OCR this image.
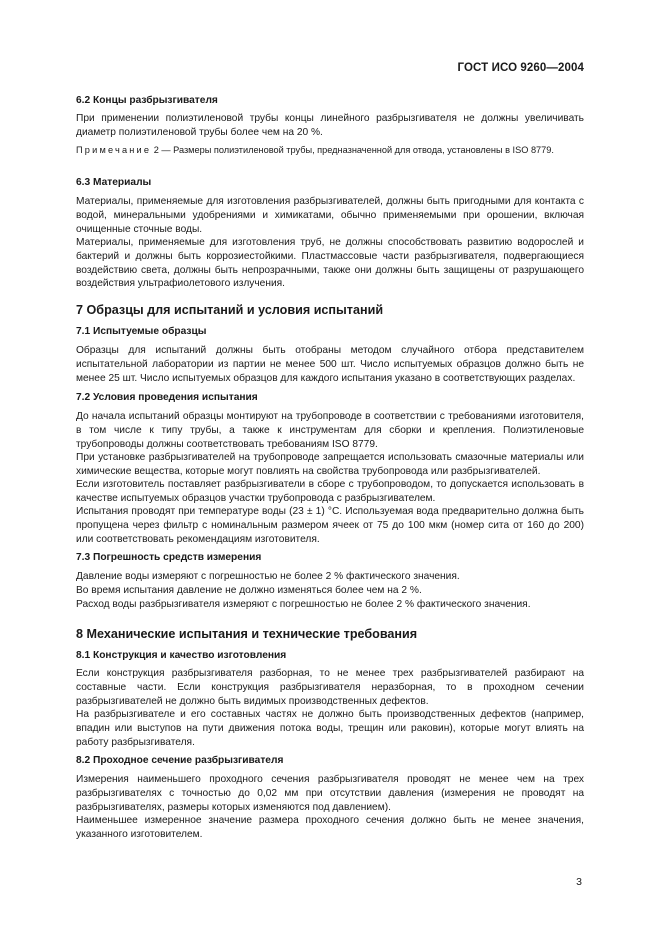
ГОСТ ИСО 9260—2004

6.2 Концы разбрызгивателя

При применении полиэтиленовой трубы концы линейного разбрызгивателя не должны увеличивать диаметр полиэтиленовой трубы более чем на 20 %.

Примечание 2 — Размеры полиэтиленовой трубы, предназначенной для отвода, установлены в ISO 8779.

6.3 Материалы

Материалы, применяемые для изготовления разбрызгивателей, должны быть пригодными для контакта с водой, минеральными удобрениями и химикатами, обычно применяемыми при орошении, включая очищенные сточные воды.

Материалы, применяемые для изготовления труб, не должны способствовать развитию водорослей и бактерий и должны быть коррозиестойкими. Пластмассовые части разбрызгивателя, подвергающиеся воздействию света, должны быть непрозрачными, также они должны быть защищены от разрушающего воздействия ультрафиолетового излучения.

7 Образцы для испытаний и условия испытаний

7.1 Испытуемые образцы

Образцы для испытаний должны быть отобраны методом случайного отбора представителем испытательной лаборатории из партии не менее 500 шт. Число испытуемых образцов должно быть не менее 25 шт. Число испытуемых образцов для каждого испытания указано в соответствующих разделах.

7.2 Условия проведения испытания

До начала испытаний образцы монтируют на трубопроводе в соответствии с требованиями изготовителя, в том числе к типу трубы, а также к инструментам для сборки и крепления. Полиэтиленовые трубопроводы должны соответствовать требованиям ISO 8779.

При установке разбрызгивателей на трубопроводе запрещается использовать смазочные материалы или химические вещества, которые могут повлиять на свойства трубопровода или разбрызгивателей.

Если изготовитель поставляет разбрызгиватели в сборе с трубопроводом, то допускается использовать в качестве испытуемых образцов участки трубопровода с разбрызгивателем.

Испытания проводят при температуре воды (23 ± 1) °С. Используемая вода предварительно должна быть пропущена через фильтр с номинальным размером ячеек от 75 до 100 мкм (номер сита от 160 до 200) или соответствовать рекомендациям изготовителя.

7.3 Погрешность средств измерения

Давление воды измеряют с погрешностью не более 2 % фактического значения.

Во время испытания давление не должно изменяться более чем на 2 %.

Расход воды разбрызгивателя измеряют с погрешностью не более 2 % фактического значения.

8 Механические испытания и технические требования

8.1 Конструкция и качество изготовления

Если конструкция разбрызгивателя разборная, то не менее трех разбрызгивателей разбирают на составные части. Если конструкция разбрызгивателя неразборная, то в проходном сечении разбрызгивателей не должно быть видимых производственных дефектов.

На разбрызгивателе и его составных частях не должно быть производственных дефектов (например, впадин или выступов на пути движения потока воды, трещин или раковин), которые могут влиять на работу разбрызгивателя.

8.2 Проходное сечение разбрызгивателя

Измерения наименьшего проходного сечения разбрызгивателя проводят не менее чем на трех разбрызгивателях с точностью до 0,02 мм при отсутствии давления (измерения не проводят на разбрызгивателях, размеры которых изменяются под давлением).

Наименьшее измеренное значение размера проходного сечения должно быть не менее значения, указанного изготовителем.

3
